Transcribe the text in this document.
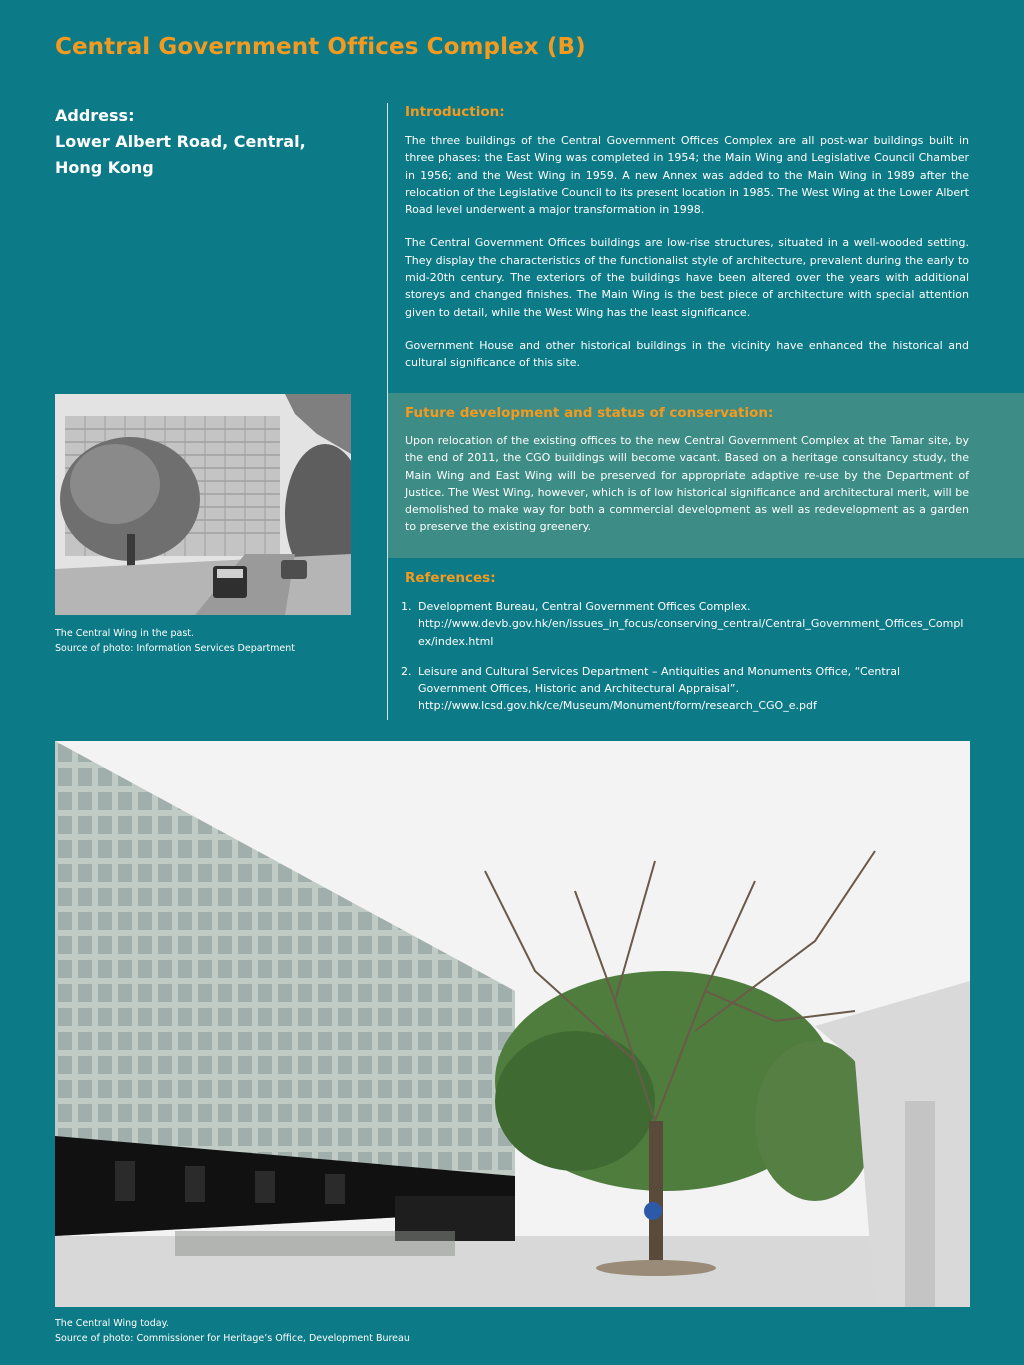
Central Government Offices Complex (B)
Address:
Lower Albert Road, Central,
Hong Kong
Introduction:

The three buildings of the Central Government Offices Complex are all post-war buildings built in three phases: the East Wing was completed in 1954; the Main Wing and Legislative Council Chamber in 1956; and the West Wing in 1959. A new Annex was added to the Main Wing in 1989 after the relocation of the Legislative Council to its present location in 1985. The West Wing at the Lower Albert Road level underwent a major transformation in 1998.

The Central Government Offices buildings are low-rise structures, situated in a well-wooded setting. They display the characteristics of the functionalist style of architecture, prevalent during the early to mid-20th century. The exteriors of the buildings have been altered over the years with additional storeys and changed finishes. The Main Wing is the best piece of architecture with special attention given to detail, while the West Wing has the least significance.

Government House and other historical buildings in the vicinity have enhanced the historical and cultural significance of this site.

Future development and status of conservation:

Upon relocation of the existing offices to the new Central Government Complex at the Tamar site, by the end of 2011, the CGO buildings will become vacant. Based on a heritage consultancy study, the Main Wing and East Wing will be preserved for appropriate adaptive re-use by the Department of Justice. The West Wing, however, which is of low historical significance and architectural merit, will be demolished to make way for both a commercial development as well as redevelopment as a garden to preserve the existing greenery.

References:
1. Development Bureau, Central Government Offices Complex.
http://www.devb.gov.hk/en/issues_in_focus/conserving_central/Central_Government_Offices_Complex/index.html
2. Leisure and Cultural Services Department – Antiquities and Monuments Office, “Central Government Offices, Historic and Architectural Appraisal”.
http://www.lcsd.gov.hk/ce/Museum/Monument/form/research_CGO_e.pdf
The Central Wing in the past.
Source of photo: Information Services Department
The Central Wing today.
Source of photo: Commissioner for Heritage’s Office, Development Bureau
